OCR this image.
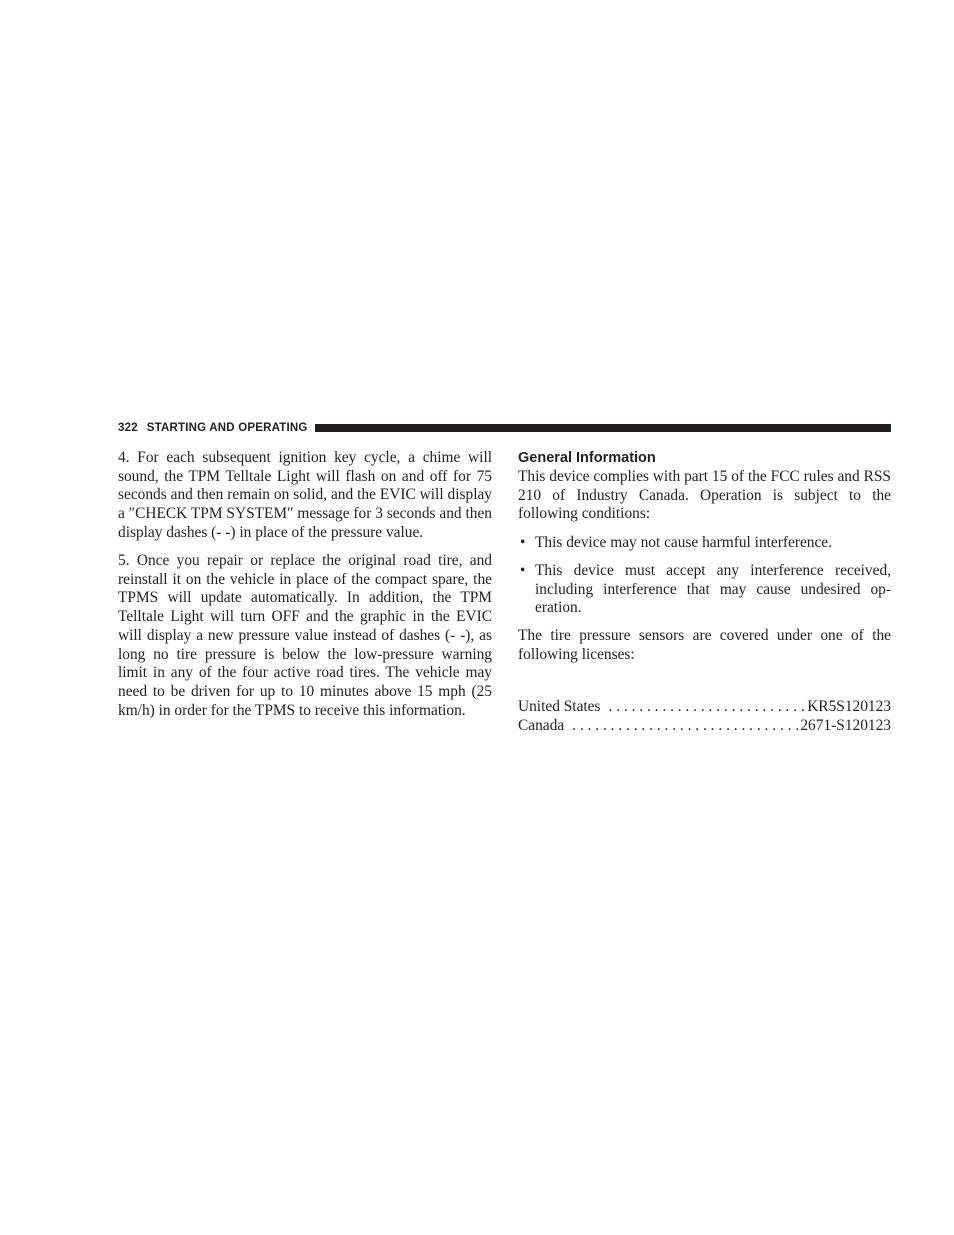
322 STARTING AND OPERATING

4. For each subsequent ignition key cycle, a chime will sound, the TPM Telltale Light will flash on and off for 75 seconds and then remain on solid, and the EVIC will display a ″CHECK TPM SYSTEM″ message for 3 seconds and then display dashes (- -) in place of the pressure value.

5. Once you repair or replace the original road tire, and reinstall it on the vehicle in place of the compact spare, the TPMS will update automatically. In addition, the TPM Telltale Light will turn OFF and the graphic in the EVIC will display a new pressure value instead of dashes (- -), as long no tire pressure is below the low-pressure warning limit in any of the four active road tires. The vehicle may need to be driven for up to 10 minutes above 15 mph (25 km/h) in order for the TPMS to receive this information.

General Information

This device complies with part 15 of the FCC rules and RSS 210 of Industry Canada. Operation is subject to the following conditions:

• This device may not cause harmful interference.
• This device must accept any interference received, including interference that may cause undesired op-eration.

The tire pressure sensors are covered under one of the following licenses:

United States . . .	KR5S120123
Canada . . .	2671-S120123
